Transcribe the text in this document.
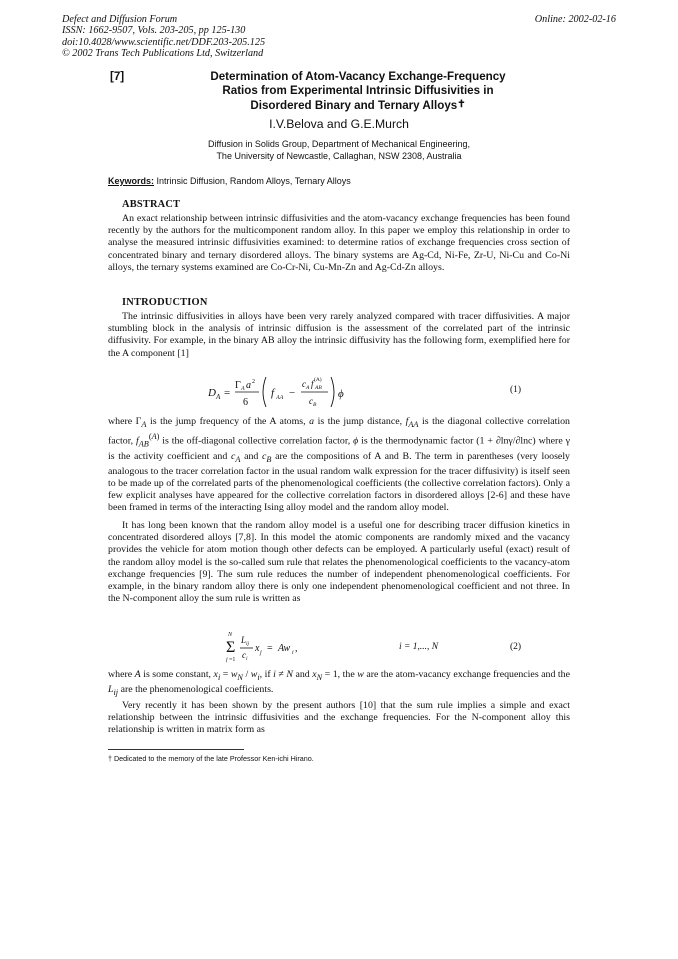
Defect and Diffusion Forum
ISSN: 1662-9507, Vols. 203-205, pp 125-130
doi:10.4028/www.scientific.net/DDF.203-205.125
© 2002 Trans Tech Publications Ltd, Switzerland
Online: 2002-02-16
[7]	Determination of Atom-Vacancy Exchange-Frequency
Ratios from Experimental Intrinsic Diffusivities in
Disordered Binary and Ternary Alloys✝
I.V.Belova and G.E.Murch
Diffusion in Solids Group, Department of Mechanical Engineering,
The University of Newcastle, Callaghan, NSW 2308, Australia
Keywords: Intrinsic Diffusion, Random Alloys, Ternary Alloys
ABSTRACT
An exact relationship between intrinsic diffusivities and the atom-vacancy exchange frequencies has been found recently by the authors for the multicomponent random alloy. In this paper we employ this relationship in order to analyse the measured intrinsic diffusivities examined: to determine ratios of exchange frequencies cross section of concentrated binary and ternary disordered alloys. The binary systems are Ag-Cd, Ni-Fe, Zr-U, Ni-Cu and Co-Ni alloys, the ternary systems examined are Co-Cr-Ni, Cu-Mn-Zn and Ag-Cd-Zn alloys.
INTRODUCTION
The intrinsic diffusivities in alloys have been very rarely analyzed compared with tracer diffusivities. A major stumbling block in the analysis of intrinsic diffusion is the assessment of the correlated part of the intrinsic diffusivity. For example, in the binary AB alloy the intrinsic diffusivity has the following form, exemplified here for the A component [1]
D A =
Γ A a 2
6
f AA −
c A f AB
(A)
c B
ϕ	(1)
where $\Gamma_A$ is the jump frequency of the A atoms, a is the jump distance, $f_{AA}$ is the diagonal collective correlation factor, $f_{AB}^{(A)}$ is the off-diagonal collective correlation factor, ϕ is the thermodynamic factor (1 + ∂lnγ/∂lnc) where γ is the activity coefficient and $c_A$ and $c_B$ are the compositions of A and B. The term in parentheses (very loosely analogous to the tracer correlation factor in the usual random walk expression for the tracer diffusivity) is itself seen to be made up of the correlated parts of the phenomenological coefficients (the collective correlation factors). Only a few explicit analyses have appeared for the collective correlation factors in disordered alloys [2-6] and these have been framed in terms of the interacting Ising alloy model and the random alloy model.
It has long been known that the random alloy model is a useful one for describing tracer diffusion kinetics in concentrated disordered alloys [7,8]. In this model the atomic components are randomly mixed and the vacancy provides the vehicle for atom motion though other defects can be employed. A particularly useful (exact) result of the random alloy model is the so-called sum rule that relates the phenomenological coefficients to the vacancy-atom exchange frequencies [9]. The sum rule reduces the number of independent phenomenological coefficients. For example, in the binary random alloy there is only one independent phenomenological coefficient and not three. In the N-component alloy the sum rule is written as
N
Σ
j =1
L ij
c i
x j = Aw i ,	i = 1,..., N	(2)
where A is some constant, $x_i = w_N / w_i$, if i ≠ N and $x_N = 1$, the w are the atom-vacancy exchange frequencies and the $L_{ij}$ are the phenomenological coefficients.
Very recently it has been shown by the present authors [10] that the sum rule implies a simple and exact relationship between the intrinsic diffusivities and the exchange frequencies. For the N-component alloy this relationship is written in matrix form as
† Dedicated to the memory of the late Professor Ken-ichi Hirano.
